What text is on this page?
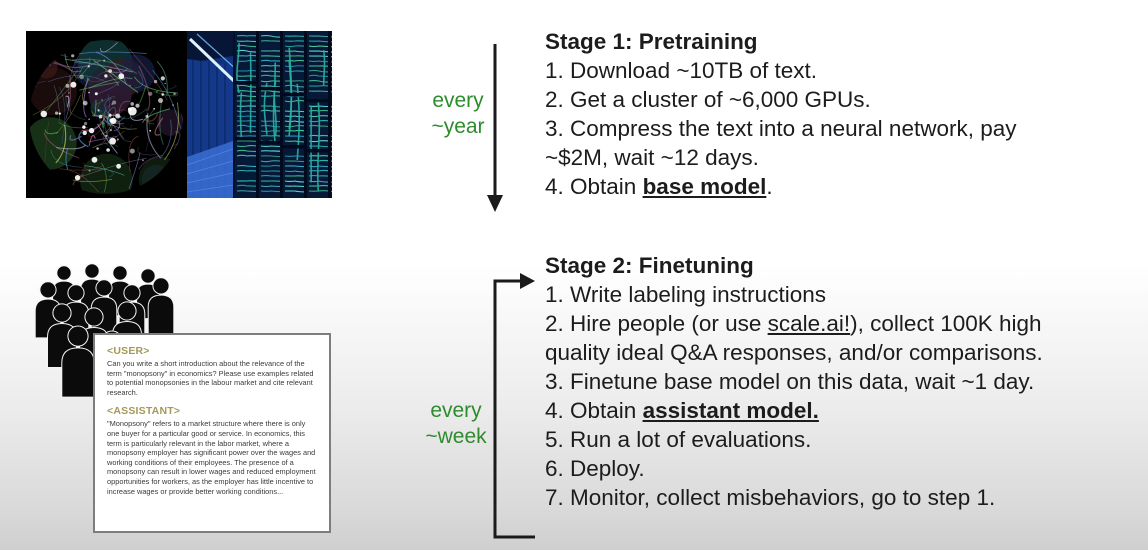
every
~year
Stage 1: Pretraining
1. Download ~10TB of text.
2. Get a cluster of ~6,000 GPUs.
3. Compress the text into a neural network, pay
~$2M, wait ~12 days.
4. Obtain base model.
every
~week
Stage 2: Finetuning
1. Write labeling instructions
2. Hire people (or use scale.ai!), collect 100K high
quality ideal Q&A responses, and/or comparisons.
3. Finetune base model on this data, wait ~1 day.
4. Obtain assistant model.
5. Run a lot of evaluations.
6. Deploy.
7. Monitor, collect misbehaviors, go to step 1.
<USER>
Can you write a short introduction about the relevance of the term "monopsony" in economics? Please use examples related to potential monopsonies in the labour market and cite relevant research.
<ASSISTANT>
"Monopsony" refers to a market structure where there is only one buyer for a particular good or service. In economics, this term is particularly relevant in the labor market, where a monopsony employer has significant power over the wages and working conditions of their employees. The presence of a monopsony can result in lower wages and reduced employment opportunities for workers, as the employer has little incentive to increase wages or provide better working conditions...
